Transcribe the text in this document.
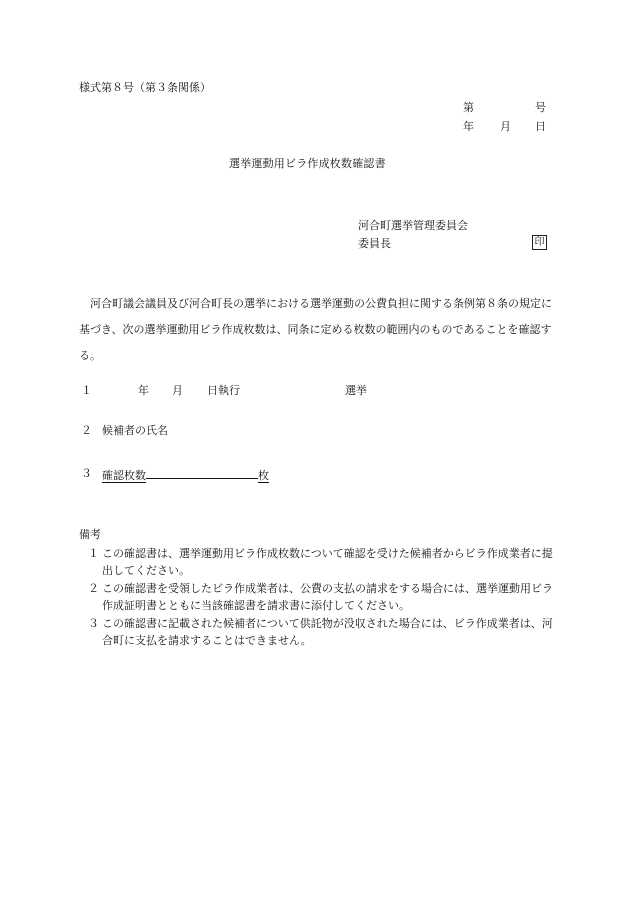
様式第８号（第３条関係）
第	号
年 月 日
選挙運動用ビラ作成枚数確認書
河合町選挙管理委員会
委員長	印
河合町議会議員及び河合町長の選挙における選挙運動の公費負担に関する条例第８条の規定に基づき、次の選挙運動用ビラ作成枚数は、同条に定める枚数の範囲内のものであることを確認する。
１	年 月 日執行	選挙
２ 候補者の氏名
３ 確認枚数	枚
備考
１ この確認書は、選挙運動用ビラ作成枚数について確認を受けた候補者からビラ作成業者に提出してください。
２ この確認書を受領したビラ作成業者は、公費の支払の請求をする場合には、選挙運動用ビラ作成証明書とともに当該確認書を請求書に添付してください。
３ この確認書に記載された候補者について供託物が没収された場合には、ビラ作成業者は、河合町に支払を請求することはできません。
